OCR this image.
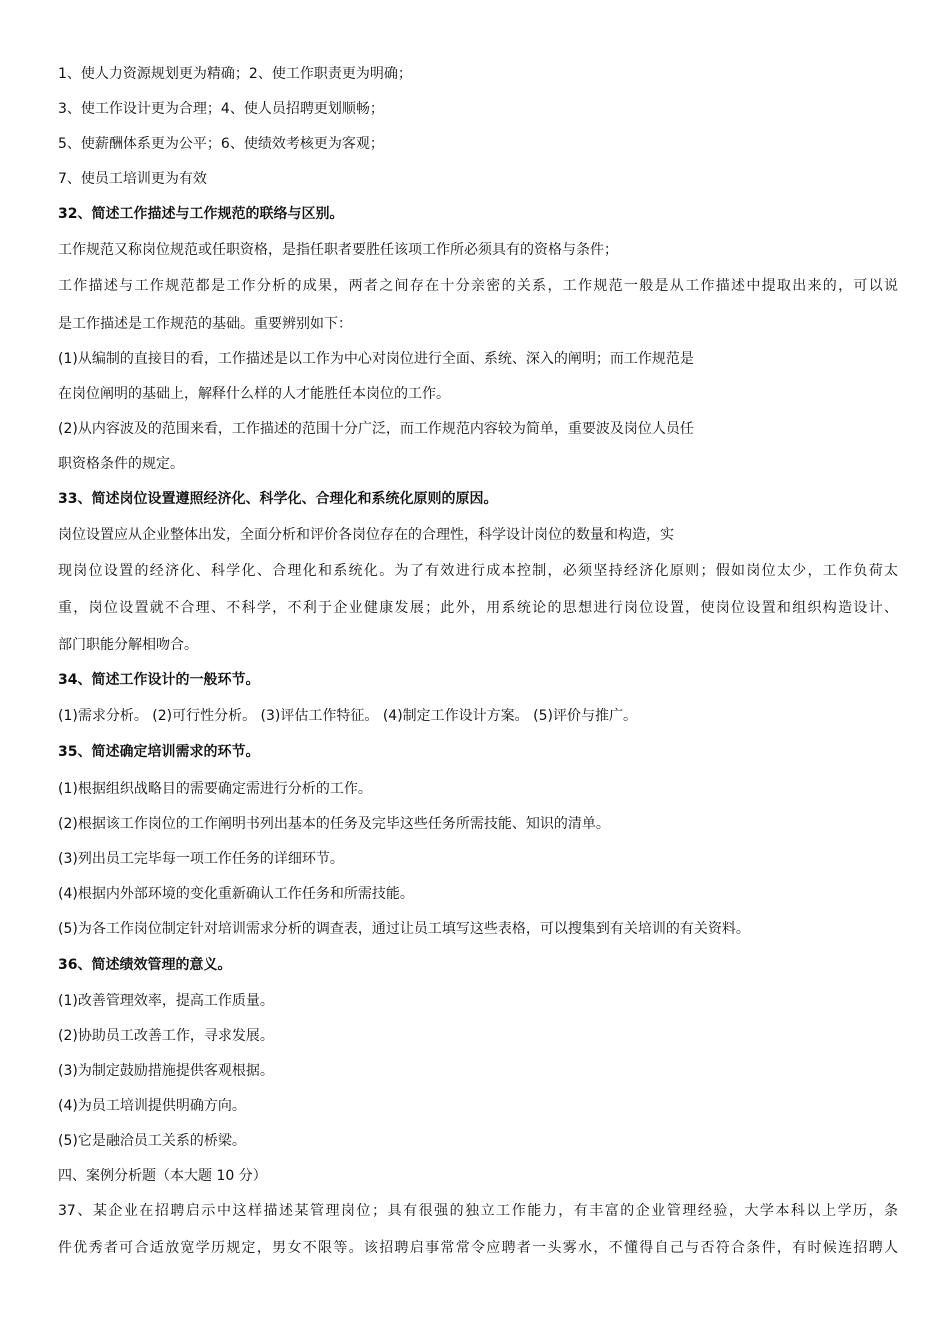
1、使人力资源规划更为精确；2、使工作职责更为明确；
3、使工作设计更为合理；4、使人员招聘更划顺畅；
5、使薪酬体系更为公平；6、使绩效考核更为客观；
7、使员工培训更为有效
32、简述工作描述与工作规范的联络与区别。
工作规范又称岗位规范或任职资格，是指任职者要胜任该项工作所必须具有的资格与条件；
工作描述与工作规范都是工作分析的成果，两者之间存在十分亲密的关系，工作规范一般是从工作描述中提取出来的，可以说
是工作描述是工作规范的基础。重要辨别如下：
(1)从编制的直接目的看，工作描述是以工作为中心对岗位进行全面、系统、深入的阐明；而工作规范是
在岗位阐明的基础上，解释什么样的人才能胜任本岗位的工作。
(2)从内容波及的范围来看，工作描述的范围十分广泛，而工作规范内容较为简单，重要波及岗位人员任
职资格条件的规定。
33、简述岗位设置遵照经济化、科学化、合理化和系统化原则的原因。
岗位设置应从企业整体出发，全面分析和评价各岗位存在的合理性，科学设计岗位的数量和构造，实
现岗位设置的经济化、科学化、合理化和系统化。为了有效进行成本控制，必须坚持经济化原则；假如岗位太少，工作负荷太
重，岗位设置就不合理、不科学，不利于企业健康发展；此外，用系统论的思想进行岗位设置，使岗位设置和组织构造设计、
部门职能分解相吻合。
34、简述工作设计的一般环节。
(1)需求分析。 (2)可行性分析。 (3)评估工作特征。 (4)制定工作设计方案。 (5)评价与推广。
35、简述确定培训需求的环节。
(1)根据组织战略目的需要确定需进行分析的工作。
(2)根据该工作岗位的工作阐明书列出基本的任务及完毕这些任务所需技能、知识的清单。
(3)列出员工完毕每一项工作任务的详细环节。
(4)根据内外部环境的变化重新确认工作任务和所需技能。
(5)为各工作岗位制定针对培训需求分析的调查表，通过让员工填写这些表格，可以搜集到有关培训的有关资料。
36、简述绩效管理的意义。
(1)改善管理效率，提高工作质量。
(2)协助员工改善工作，寻求发展。
(3)为制定鼓励措施提供客观根据。
(4)为员工培训提供明确方向。
(5)它是融洽员工关系的桥梁。
四、案例分析题（本大题 10 分）
37、某企业在招聘启示中这样描述某管理岗位；具有很强的独立工作能力，有丰富的企业管理经验，大学本科以上学历，条
件优秀者可合适放宽学历规定，男女不限等。该招聘启事常常令应聘者一头雾水，不懂得自己与否符合条件，有时候连招聘人
